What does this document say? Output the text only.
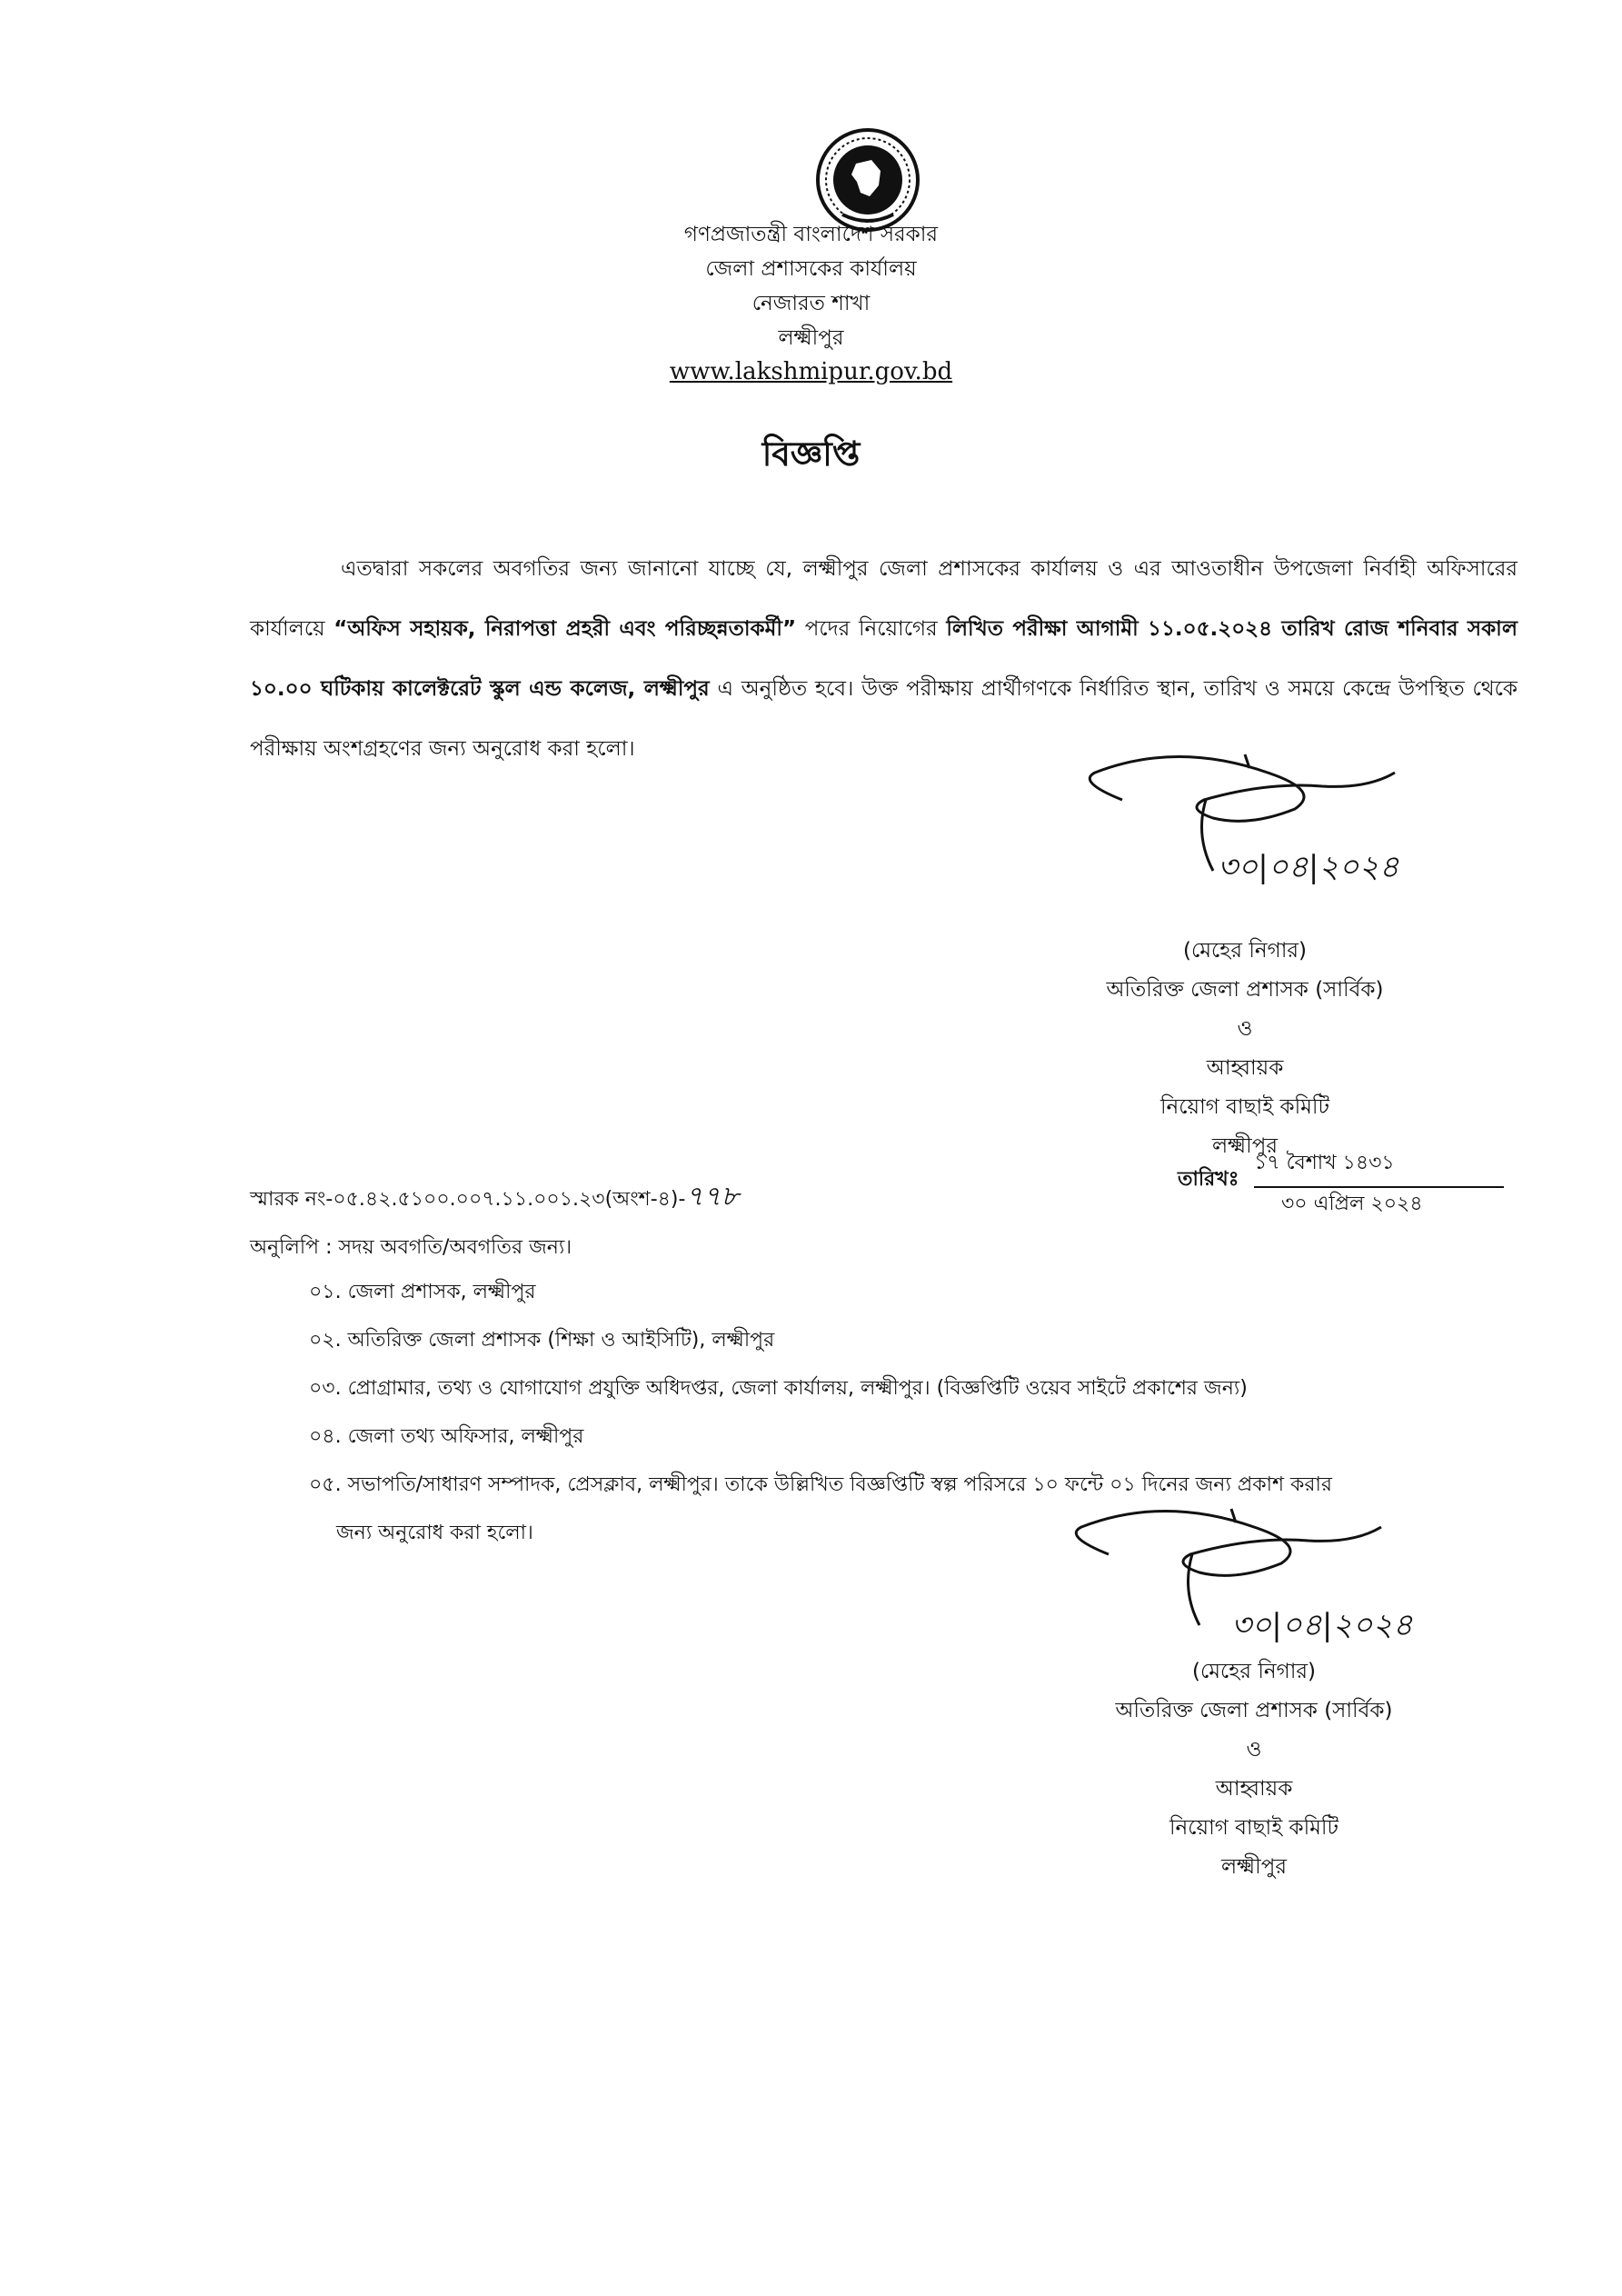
গণপ্রজাতন্ত্রী বাংলাদেশ সরকার
জেলা প্রশাসকের কার্যালয়
নেজারত শাখা
লক্ষ্মীপুর
www.lakshmipur.gov.bd
বিজ্ঞপ্তি
এতদ্বারা সকলের অবগতির জন্য জানানো যাচ্ছে যে, লক্ষ্মীপুর জেলা প্রশাসকের কার্যালয় ও এর আওতাধীন উপজেলা নির্বাহী অফিসারের কার্যালয়ে “অফিস সহায়ক, নিরাপত্তা প্রহরী এবং পরিচ্ছন্নতাকর্মী” পদের নিয়োগের লিখিত পরীক্ষা আগামী ১১.০৫.২০২৪ তারিখ রোজ শনিবার সকাল ১০.০০ ঘটিকায় কালেক্টরেট স্কুল এন্ড কলেজ, লক্ষ্মীপুর এ অনুষ্ঠিত হবে। উক্ত পরীক্ষায় প্রার্থীগণকে নির্ধারিত স্থান, তারিখ ও সময়ে কেন্দ্রে উপস্থিত থেকে পরীক্ষায় অংশগ্রহণের জন্য অনুরোধ করা হলো।
৩০|০৪|২০২৪
(মেহের নিগার)
অতিরিক্ত জেলা প্রশাসক (সার্বিক)
ও
আহ্বায়ক
নিয়োগ বাছাই কমিটি
লক্ষ্মীপুর
স্মারক নং-০৫.৪২.৫১০০.০০৭.১১.০০১.২৩(অংশ-৪)-৭৭৮
তারিখঃ
১৭ বৈশাখ ১৪৩১
৩০ এপ্রিল ২০২৪
অনুলিপি : সদয় অবগতি/অবগতির জন্য।
০১. জেলা প্রশাসক, লক্ষ্মীপুর
০২. অতিরিক্ত জেলা প্রশাসক (শিক্ষা ও আইসিটি), লক্ষ্মীপুর
০৩. প্রোগ্রামার, তথ্য ও যোগাযোগ প্রযুক্তি অধিদপ্তর, জেলা কার্যালয়, লক্ষ্মীপুর। (বিজ্ঞপ্তিটি ওয়েব সাইটে প্রকাশের জন্য)
০৪. জেলা তথ্য অফিসার, লক্ষ্মীপুর
০৫. সভাপতি/সাধারণ সম্পাদক, প্রেসক্লাব, লক্ষ্মীপুর। তাকে উল্লিখিত বিজ্ঞপ্তিটি স্বল্প পরিসরে ১০ ফন্টে ০১ দিনের জন্য প্রকাশ করার
জন্য অনুরোধ করা হলো।
৩০|০৪|২০২৪
(মেহের নিগার)
অতিরিক্ত জেলা প্রশাসক (সার্বিক)
ও
আহ্বায়ক
নিয়োগ বাছাই কমিটি
লক্ষ্মীপুর
